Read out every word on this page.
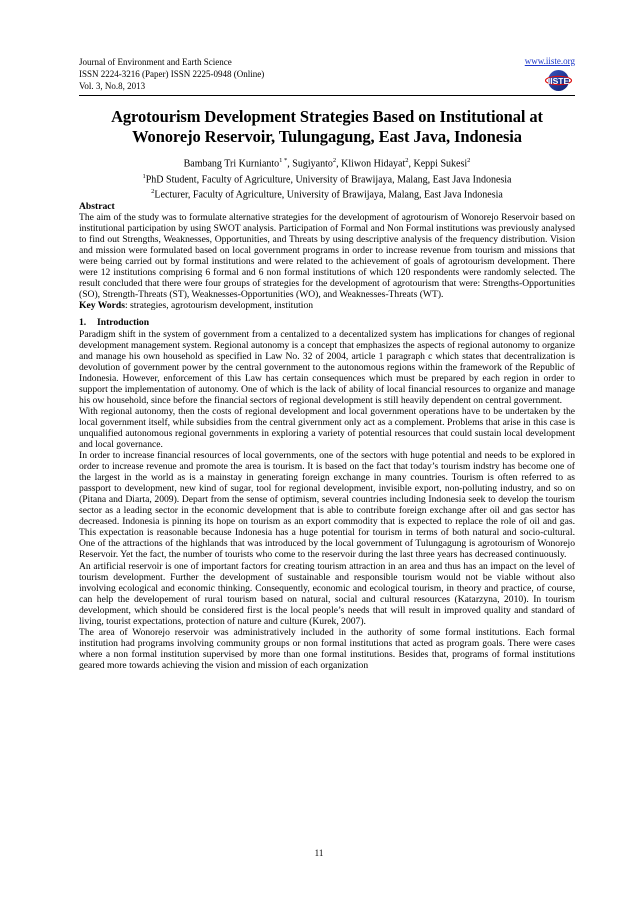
Journal of Environment and Earth Science
ISSN 2224-3216 (Paper) ISSN 2225-0948 (Online)
Vol. 3, No.8, 2013
www.iiste.org
IISTE
Agrotourism Development Strategies Based on Institutional at
Wonorejo Reservoir, Tulungagung, East Java, Indonesia
Bambang Tri Kurnianto$^{1 *}$, Sugiyanto$^2$, Kliwon Hidayat$^2$, Keppi Sukesi$^2$
$^1$PhD Student, Faculty of Agriculture, University of Brawijaya, Malang, East Java Indonesia
$^2$Lecturer, Faculty of Agriculture, University of Brawijaya, Malang, East Java Indonesia

Abstract

The aim of the study was to formulate alternative strategies for the development of agrotourism of Wonorejo Reservoir based on institutional participation by using SWOT analysis. Participation of Formal and Non Formal institutions was previously analysed to find out Strengths, Weaknesses, Opportunities, and Threats by using descriptive analysis of the frequency distribution. Vision and mission were formulated based on local government programs in order to increase revenue from tourism and missions that were being carried out by formal institutions and were related to the achievement of goals of agrotourism development. There were 12 institutions comprising 6 formal and 6 non formal institutions of which 120 respondents were randomly selected. The result concluded that there were four groups of strategies for the development of agrotourism that were: Strengths-Opportunities (SO), Strength-Threats (ST), Weaknesses-Opportunities (WO), and Weaknesses-Threats (WT).

Key Words: strategies, agrotourism development, institution

1. Introduction

Paradigm shift in the system of government from a centalized to a decentalized system has implications for changes of regional development management system. Regional autonomy is a concept that emphasizes the aspects of regional autonomy to organize and manage his own household as specified in Law No. 32 of 2004, article 1 paragraph c which states that decentralization is devolution of government power by the central government to the autonomous regions within the framework of the Republic of Indonesia. However, enforcement of this Law has certain consequences which must be prepared by each region in order to support the implementation of autonomy. One of which is the lack of ability of local financial resources to organize and manage his ow household, since before the financial sectors of regional development is still heavily dependent on central government.

With regional autonomy, then the costs of regional development and local government operations have to be undertaken by the local government itself, while subsidies from the central givernment only act as a complement. Problems that arise in this case is unqualified autonomous regional governments in exploring a variety of potential resources that could sustain local development and local governance.

In order to increase financial resources of local governments, one of the sectors with huge potential and needs to be explored in order to increase revenue and promote the area is tourism. It is based on the fact that today’s tourism indstry has become one of the largest in the world as is a mainstay in generating foreign exchange in many countries. Tourism is often referred to as passport to development, new kind of sugar, tool for regional development, invisible export, non-polluting industry, and so on (Pitana and Diarta, 2009). Depart from the sense of optimism, several countries including Indonesia seek to develop the tourism sector as a leading sector in the economic development that is able to contribute foreign exchange after oil and gas sector has decreased. Indonesia is pinning its hope on tourism as an export commodity that is expected to replace the role of oil and gas. This expectation is reasonable because Indonesia has a huge potential for tourism in terms of both natural and socio-cultural. One of the attractions of the highlands that was introduced by the local government of Tulungagung is agrotourism of Wonorejo Reservoir. Yet the fact, the number of tourists who come to the reservoir during the last three years has decreased continuously.

An artificial reservoir is one of important factors for creating tourism attraction in an area and thus has an impact on the level of tourism development. Further the development of sustainable and responsible tourism would not be viable without also involving ecological and economic thinking. Consequently, economic and ecological tourism, in theory and practice, of course, can help the developement of rural tourism based on natural, social and cultural resources (Katarzyna, 2010). In tourism development, which should be considered first is the local people’s needs that will result in improved quality and standard of living, tourist expectations, protection of nature and culture (Kurek, 2007).

The area of Wonorejo reservoir was administratively included in the authority of some formal institutions. Each formal institution had programs involving community groups or non formal institutions that acted as program goals. There were cases where a non formal institution supervised by more than one formal institutions. Besides that, programs of formal institutions geared more towards achieving the vision and mission of each organization

11
